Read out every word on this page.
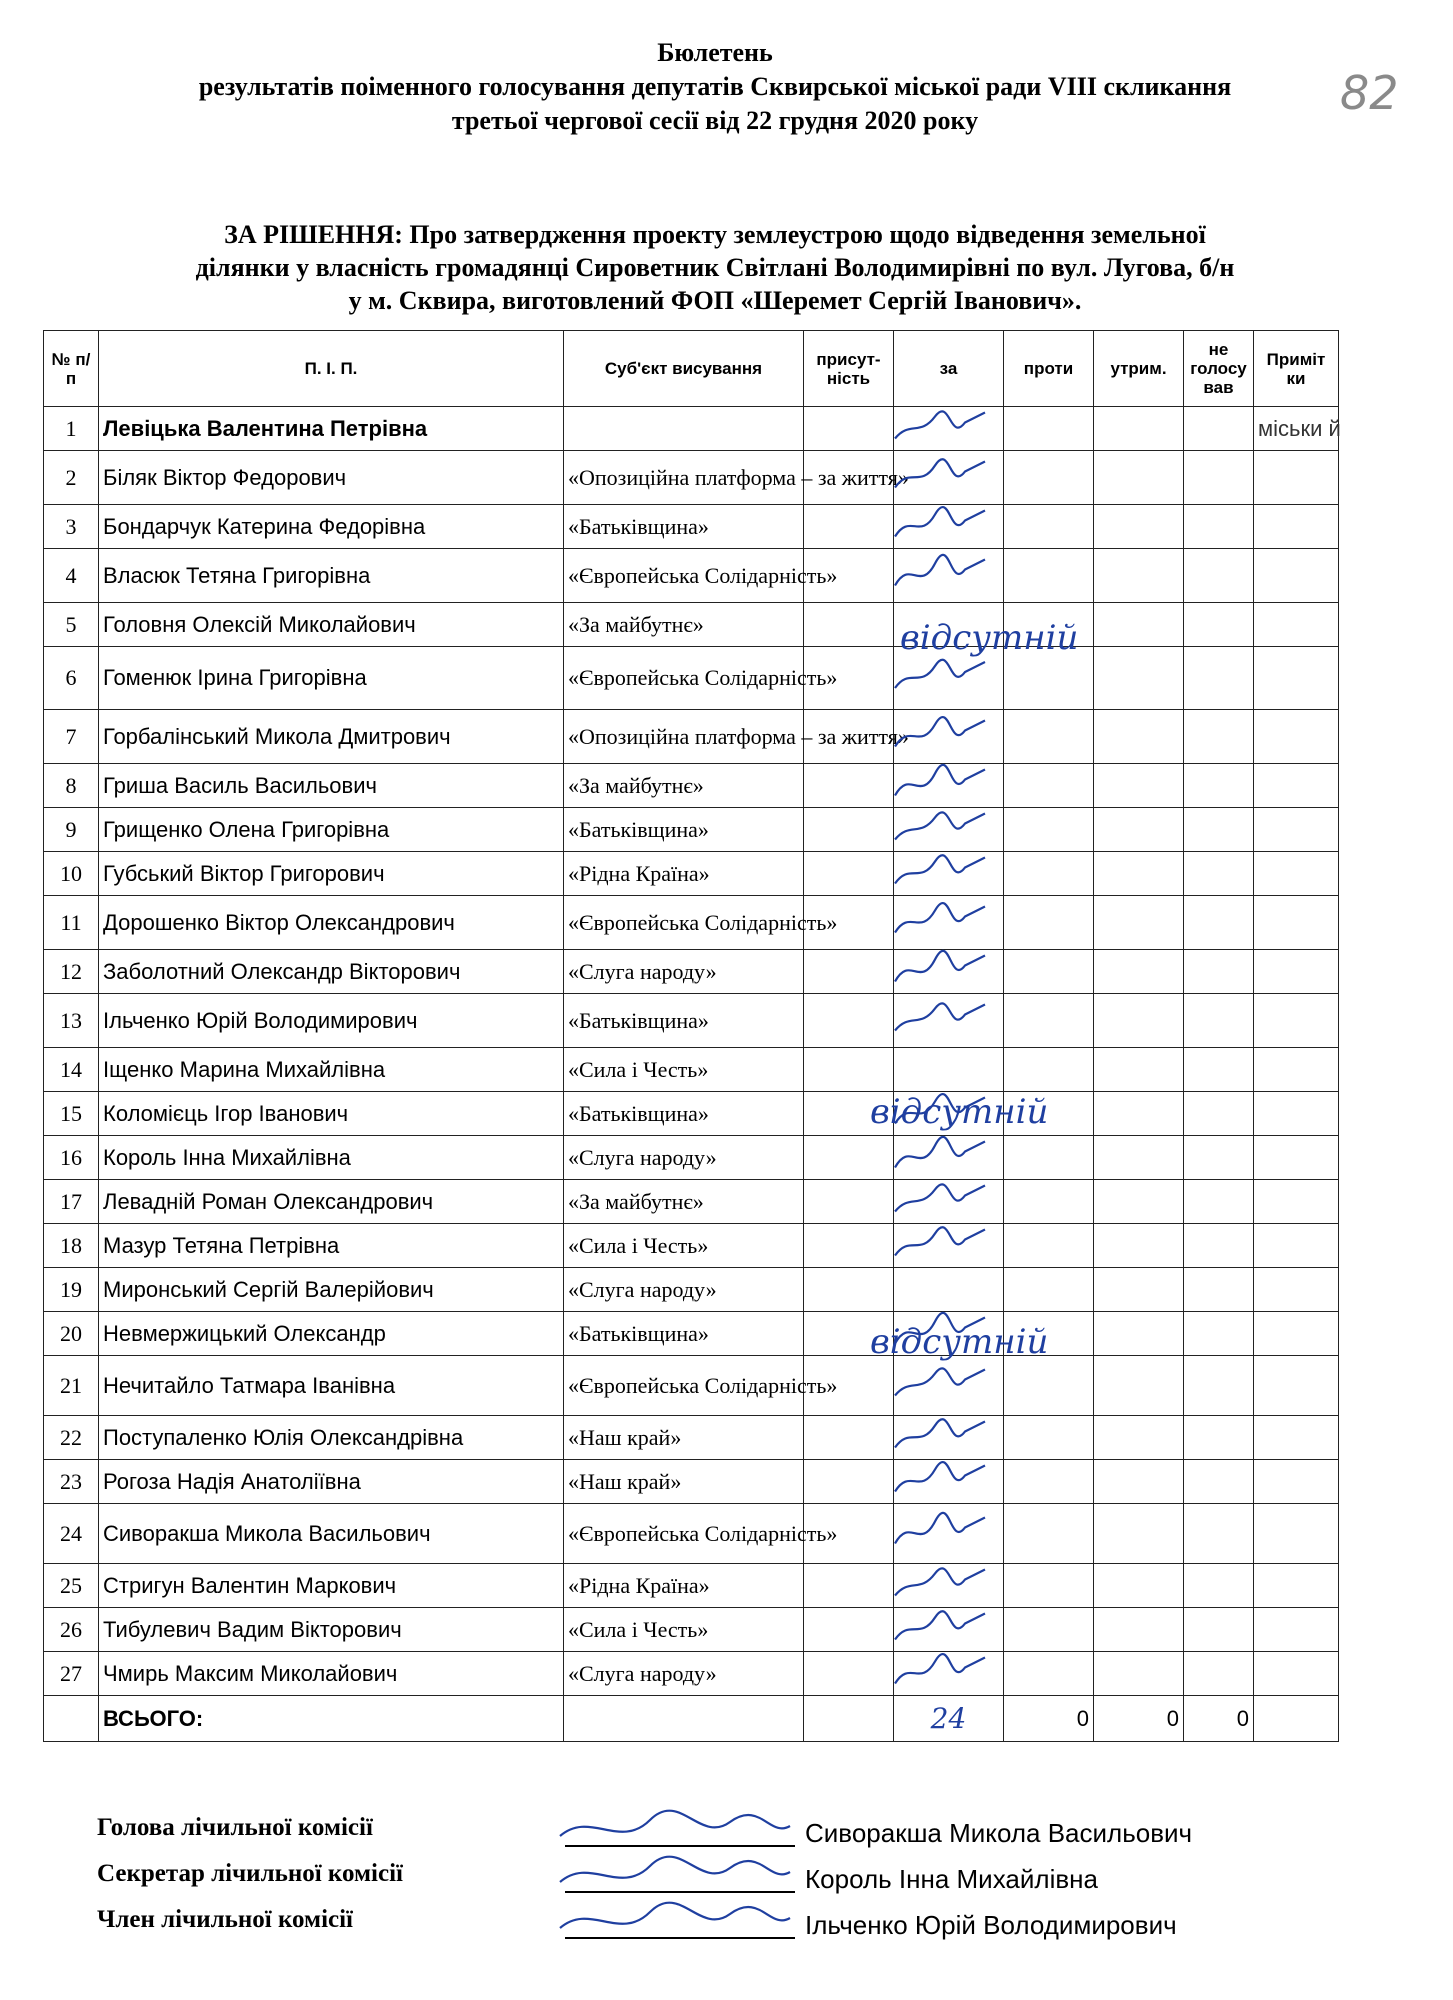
82
Бюлетень
результатів поіменного голосування депутатів Сквирської міської ради VIII скликання
третьої чергової сесії від 22 грудня 2020 року
ЗА РІШЕННЯ: Про затвердження проекту землеустрою щодо відведення земельної
ділянки у власність громадянці Сироветник Світлані Володимирівні по вул. Лугова, б/н
у м. Сквира, виготовлений ФОП «Шеремет Сергій Іванович».
№ п/п	П. І. П.	Суб'єкт висування	присут-ність	за	проти	утрим.	не голосу вав	Приміт ки
1	Левіцька Валентина Петрівна							міськи й
2	Біляк Віктор Федорович	«Опозиційна платформа – за життя»						
3	Бондарчук Катерина Федорівна	«Батьківщина»						
4	Власюк Тетяна Григорівна	«Європейська Солідарність»						
5	Головня Олексій Миколайович	«За майбутнє»						
6	Гоменюк Ірина Григорівна	«Європейська Солідарність»						
7	Горбалінський Микола Дмитрович	«Опозиційна платформа – за життя»						
8	Гриша Василь Васильович	«За майбутнє»						
9	Грищенко Олена Григорівна	«Батьківщина»						
10	Губський Віктор Григорович	«Рідна Країна»						
11	Дорошенко Віктор Олександрович	«Європейська Солідарність»						
12	Заболотний Олександр Вікторович	«Слуга народу»						
13	Ільченко Юрій Володимирович	«Батьківщина»						
14	Іщенко Марина Михайлівна	«Сила і Честь»						
15	Коломієць Ігор Іванович	«Батьківщина»						
16	Король Інна Михайлівна	«Слуга народу»						
17	Левадній Роман Олександрович	«За майбутнє»						
18	Мазур Тетяна Петрівна	«Сила і Честь»						
19	Миронський Сергій Валерійович	«Слуга народу»						
20	Невмержицький Олександр	«Батьківщина»						
21	Нечитайло Татмара Іванівна	«Європейська Солідарність»						
22	Поступаленко Юлія Олександрівна	«Наш край»						
23	Рогоза Надія Анатоліївна	«Наш край»						
24	Сиворакша Микола Васильович	«Європейська Солідарність»						
25	Стригун Валентин Маркович	«Рідна Країна»						
26	Тибулевич Вадим Вікторович	«Сила і Честь»						
27	Чмирь Максим Миколайович	«Слуга народу»						
	ВСЬОГО:			24	0	0	0	
відсутній
відсутній
відсутній
Голова лічильної комісії	Сиворакша Микола Васильович
Секретар лічильної комісії	Король Інна Михайлівна
Член лічильної комісії	Ільченко Юрій Володимирович
